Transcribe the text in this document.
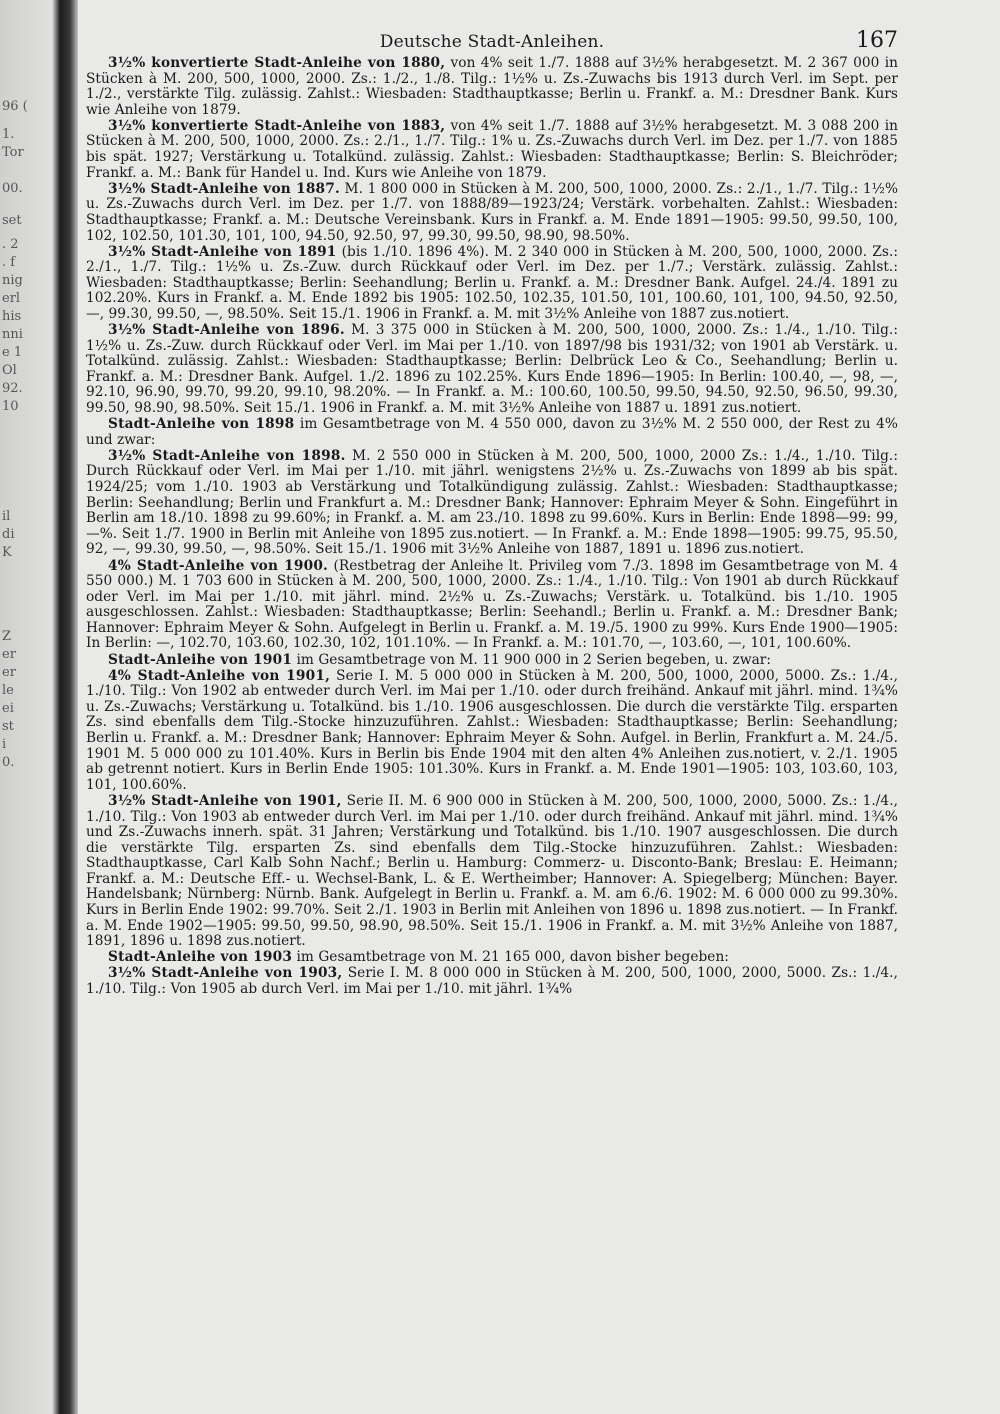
96 (
1.
Tor
00.
set
. 2
. f
nig
erl
his
nni
e 1
Ol
92.
10
il
di
K
Z
er
er
le
ei
st
i
0.
Deutsche Stadt-Anleihen.	167

3½% konvertierte Stadt-Anleihe von 1880, von 4% seit 1./7. 1888 auf 3½% herabgesetzt. M. 2 367 000 in Stücken à M. 200, 500, 1000, 2000. Zs.: 1./2., 1./8. Tilg.: 1½% u. Zs.-Zuwachs bis 1913 durch Verl. im Sept. per 1./2., verstärkte Tilg. zulässig. Zahlst.: Wiesbaden: Stadthauptkasse; Berlin u. Frankf. a. M.: Dresdner Bank. Kurs wie Anleihe von 1879.

3½% konvertierte Stadt-Anleihe von 1883, von 4% seit 1./7. 1888 auf 3½% herabgesetzt. M. 3 088 200 in Stücken à M. 200, 500, 1000, 2000. Zs.: 2./1., 1./7. Tilg.: 1% u. Zs.-Zuwachs durch Verl. im Dez. per 1./7. von 1885 bis spät. 1927; Verstärkung u. Totalkünd. zulässig. Zahlst.: Wiesbaden: Stadthauptkasse; Berlin: S. Bleichröder; Frankf. a. M.: Bank für Handel u. Ind. Kurs wie Anleihe von 1879.

3½% Stadt-Anleihe von 1887. M. 1 800 000 in Stücken à M. 200, 500, 1000, 2000. Zs.: 2./1., 1./7. Tilg.: 1½% u. Zs.-Zuwachs durch Verl. im Dez. per 1./7. von 1888/89—1923/24; Verstärk. vorbehalten. Zahlst.: Wiesbaden: Stadthauptkasse; Frankf. a. M.: Deutsche Vereinsbank. Kurs in Frankf. a. M. Ende 1891—1905: 99.50, 99.50, 100, 102, 102.50, 101.30, 101, 100, 94.50, 92.50, 97, 99.30, 99.50, 98.90, 98.50%.

3½% Stadt-Anleihe von 1891 (bis 1./10. 1896 4%). M. 2 340 000 in Stücken à M. 200, 500, 1000, 2000. Zs.: 2./1., 1./7. Tilg.: 1½% u. Zs.-Zuw. durch Rückkauf oder Verl. im Dez. per 1./7.; Verstärk. zulässig. Zahlst.: Wiesbaden: Stadthauptkasse; Berlin: Seehandlung; Berlin u. Frankf. a. M.: Dresdner Bank. Aufgel. 24./4. 1891 zu 102.20%. Kurs in Frankf. a. M. Ende 1892 bis 1905: 102.50, 102.35, 101.50, 101, 100.60, 101, 100, 94.50, 92.50, —, 99.30, 99.50, —, 98.50%. Seit 15./1. 1906 in Frankf. a. M. mit 3½% Anleihe von 1887 zus.notiert.

3½% Stadt-Anleihe von 1896. M. 3 375 000 in Stücken à M. 200, 500, 1000, 2000. Zs.: 1./4., 1./10. Tilg.: 1½% u. Zs.-Zuw. durch Rückkauf oder Verl. im Mai per 1./10. von 1897/98 bis 1931/32; von 1901 ab Verstärk. u. Totalkünd. zulässig. Zahlst.: Wiesbaden: Stadthauptkasse; Berlin: Delbrück Leo & Co., Seehandlung; Berlin u. Frankf. a. M.: Dresdner Bank. Aufgel. 1./2. 1896 zu 102.25%. Kurs Ende 1896—1905: In Berlin: 100.40, —, 98, —, 92.10, 96.90, 99.70, 99.20, 99.10, 98.20%. — In Frankf. a. M.: 100.60, 100.50, 99.50, 94.50, 92.50, 96.50, 99.30, 99.50, 98.90, 98.50%. Seit 15./1. 1906 in Frankf. a. M. mit 3½% Anleihe von 1887 u. 1891 zus.notiert.

Stadt-Anleihe von 1898 im Gesamtbetrage von M. 4 550 000, davon zu 3½% M. 2 550 000, der Rest zu 4% und zwar:

3½% Stadt-Anleihe von 1898. M. 2 550 000 in Stücken à M. 200, 500, 1000, 2000 Zs.: 1./4., 1./10. Tilg.: Durch Rückkauf oder Verl. im Mai per 1./10. mit jährl. wenigstens 2½% u. Zs.-Zuwachs von 1899 ab bis spät. 1924/25; vom 1./10. 1903 ab Verstärkung und Totalkündigung zulässig. Zahlst.: Wiesbaden: Stadthauptkasse; Berlin: Seehandlung; Berlin und Frankfurt a. M.: Dresdner Bank; Hannover: Ephraim Meyer & Sohn. Eingeführt in Berlin am 18./10. 1898 zu 99.60%; in Frankf. a. M. am 23./10. 1898 zu 99.60%. Kurs in Berlin: Ende 1898—99: 99, —%. Seit 1./7. 1900 in Berlin mit Anleihe von 1895 zus.notiert. — In Frankf. a. M.: Ende 1898—1905: 99.75, 95.50, 92, —, 99.30, 99.50, —, 98.50%. Seit 15./1. 1906 mit 3½% Anleihe von 1887, 1891 u. 1896 zus.notiert.

4% Stadt-Anleihe von 1900. (Restbetrag der Anleihe lt. Privileg vom 7./3. 1898 im Gesamtbetrage von M. 4 550 000.) M. 1 703 600 in Stücken à M. 200, 500, 1000, 2000. Zs.: 1./4., 1./10. Tilg.: Von 1901 ab durch Rückkauf oder Verl. im Mai per 1./10. mit jährl. mind. 2½% u. Zs.-Zuwachs; Verstärk. u. Totalkünd. bis 1./10. 1905 ausgeschlossen. Zahlst.: Wiesbaden: Stadthauptkasse; Berlin: Seehandl.; Berlin u. Frankf. a. M.: Dresdner Bank; Hannover: Ephraim Meyer & Sohn. Aufgelegt in Berlin u. Frankf. a. M. 19./5. 1900 zu 99%. Kurs Ende 1900—1905: In Berlin: —, 102.70, 103.60, 102.30, 102, 101.10%. — In Frankf. a. M.: 101.70, —, 103.60, —, 101, 100.60%.

Stadt-Anleihe von 1901 im Gesamtbetrage von M. 11 900 000 in 2 Serien begeben, u. zwar:

4% Stadt-Anleihe von 1901, Serie I. M. 5 000 000 in Stücken à M. 200, 500, 1000, 2000, 5000. Zs.: 1./4., 1./10. Tilg.: Von 1902 ab entweder durch Verl. im Mai per 1./10. oder durch freihänd. Ankauf mit jährl. mind. 1¾% u. Zs.-Zuwachs; Verstärkung u. Totalkünd. bis 1./10. 1906 ausgeschlossen. Die durch die verstärkte Tilg. ersparten Zs. sind ebenfalls dem Tilg.-Stocke hinzuzuführen. Zahlst.: Wiesbaden: Stadthauptkasse; Berlin: Seehandlung; Berlin u. Frankf. a. M.: Dresdner Bank; Hannover: Ephraim Meyer & Sohn. Aufgel. in Berlin, Frankfurt a. M. 24./5. 1901 M. 5 000 000 zu 101.40%. Kurs in Berlin bis Ende 1904 mit den alten 4% Anleihen zus.notiert, v. 2./1. 1905 ab getrennt notiert. Kurs in Berlin Ende 1905: 101.30%. Kurs in Frankf. a. M. Ende 1901—1905: 103, 103.60, 103, 101, 100.60%.

3½% Stadt-Anleihe von 1901, Serie II. M. 6 900 000 in Stücken à M. 200, 500, 1000, 2000, 5000. Zs.: 1./4., 1./10. Tilg.: Von 1903 ab entweder durch Verl. im Mai per 1./10. oder durch freihänd. Ankauf mit jährl. mind. 1¾% und Zs.-Zuwachs innerh. spät. 31 Jahren; Verstärkung und Totalkünd. bis 1./10. 1907 ausgeschlossen. Die durch die verstärkte Tilg. ersparten Zs. sind ebenfalls dem Tilg.-Stocke hinzuzuführen. Zahlst.: Wiesbaden: Stadthauptkasse, Carl Kalb Sohn Nachf.; Berlin u. Hamburg: Commerz- u. Disconto-Bank; Breslau: E. Heimann; Frankf. a. M.: Deutsche Eff.- u. Wechsel-Bank, L. & E. Wertheimber; Hannover: A. Spiegelberg; München: Bayer. Handelsbank; Nürnberg: Nürnb. Bank. Aufgelegt in Berlin u. Frankf. a. M. am 6./6. 1902: M. 6 000 000 zu 99.30%. Kurs in Berlin Ende 1902: 99.70%. Seit 2./1. 1903 in Berlin mit Anleihen von 1896 u. 1898 zus.notiert. — In Frankf. a. M. Ende 1902—1905: 99.50, 99.50, 98.90, 98.50%. Seit 15./1. 1906 in Frankf. a. M. mit 3½% Anleihe von 1887, 1891, 1896 u. 1898 zus.notiert.

Stadt-Anleihe von 1903 im Gesamtbetrage von M. 21 165 000, davon bisher begeben:

3½% Stadt-Anleihe von 1903, Serie I. M. 8 000 000 in Stücken à M. 200, 500, 1000, 2000, 5000. Zs.: 1./4., 1./10. Tilg.: Von 1905 ab durch Verl. im Mai per 1./10. mit jährl. 1¾%
